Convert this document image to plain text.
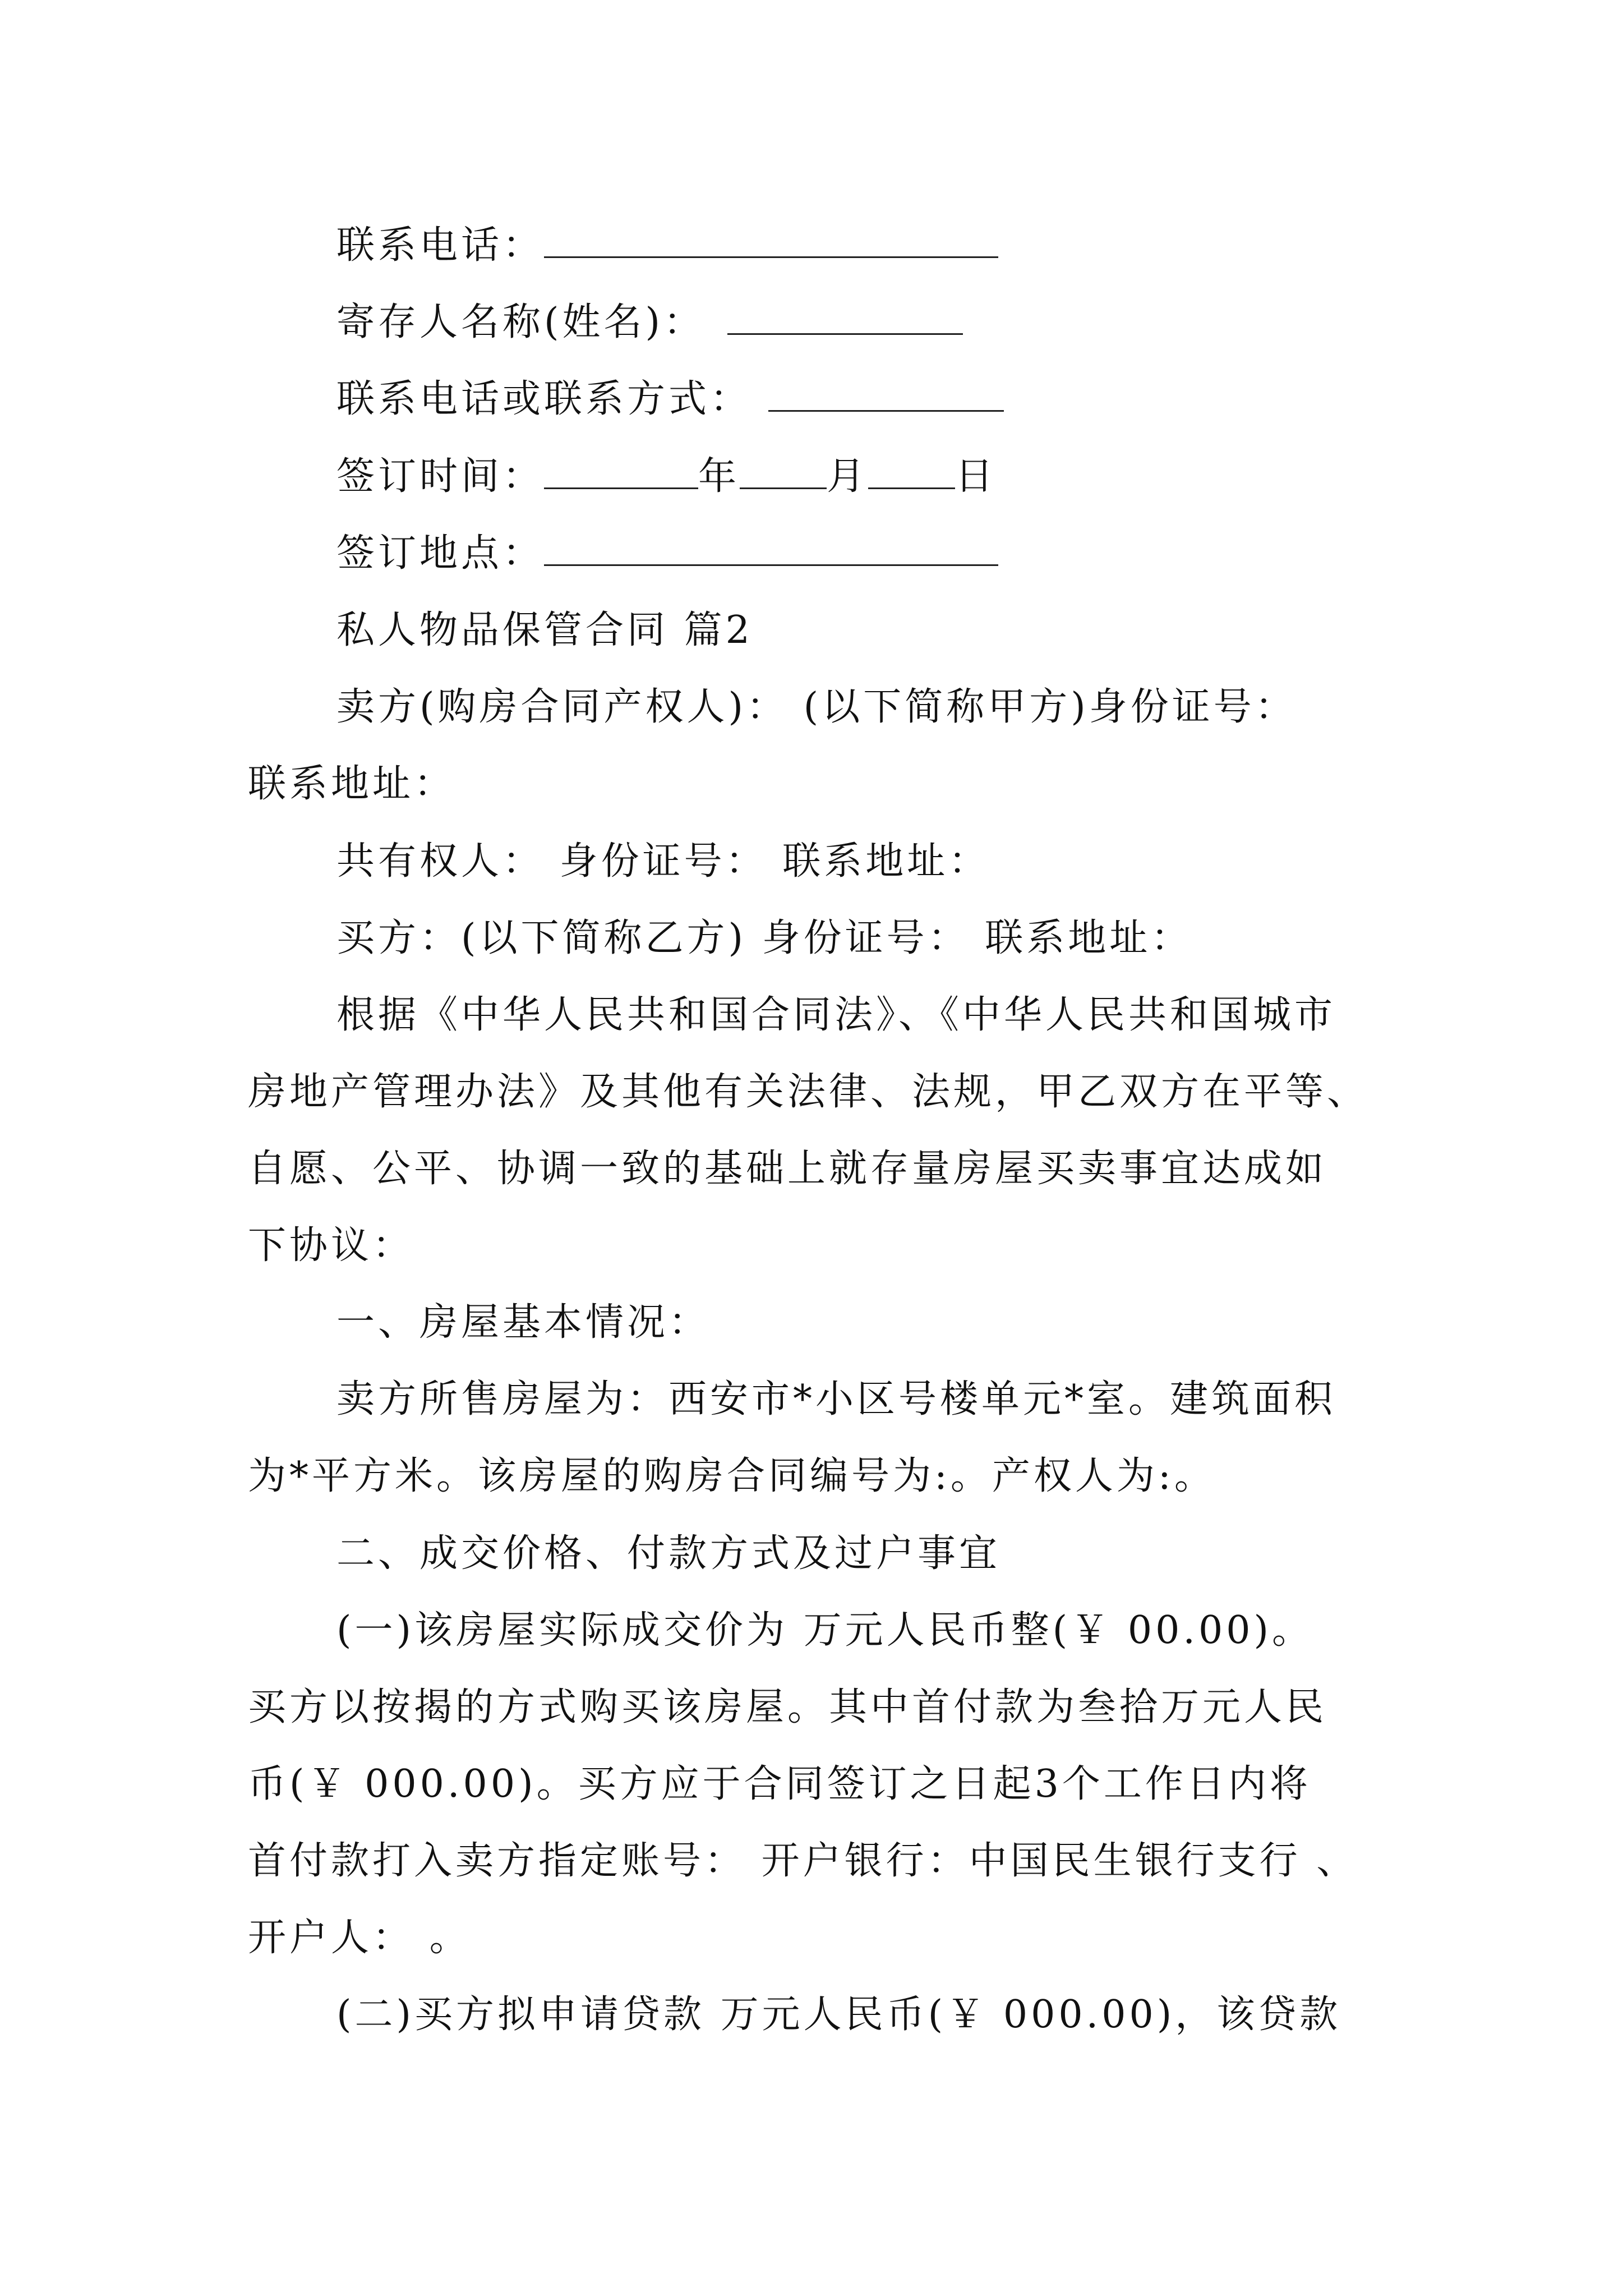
联系电话：
寄存人名称(姓名)：
联系电话或联系方式：
签订时间：	年 月 日
签订地点：
私人物品保管合同 篇2
卖方(购房合同产权人)： (以下简称甲方)身份证号：
联系地址：
共有权人： 身份证号： 联系地址：
买方：(以下简称乙方) 身份证号： 联系地址：
根据《中华人民共和国合同法》、《中华人民共和国城市
房地产管理办法》及其他有关法律、法规，甲乙双方在平等、
自愿、公平、协调一致的基础上就存量房屋买卖事宜达成如
下协议：
一、房屋基本情况：
卖方所售房屋为：西安市*小区号楼单元*室。建筑面积
为*平方米。该房屋的购房合同编号为:。产权人为:。
二、成交价格、付款方式及过户事宜
(一)该房屋实际成交价为 万元人民币整(￥ 00.00)。
买方以按揭的方式购买该房屋。其中首付款为叁拾万元人民
币(￥ 000.00)。买方应于合同签订之日起3个工作日内将
首付款打入卖方指定账号： 开户银行：中国民生银行支行 、
开户人： 。
(二)买方拟申请贷款 万元人民币(￥ 000.00)，该贷款
